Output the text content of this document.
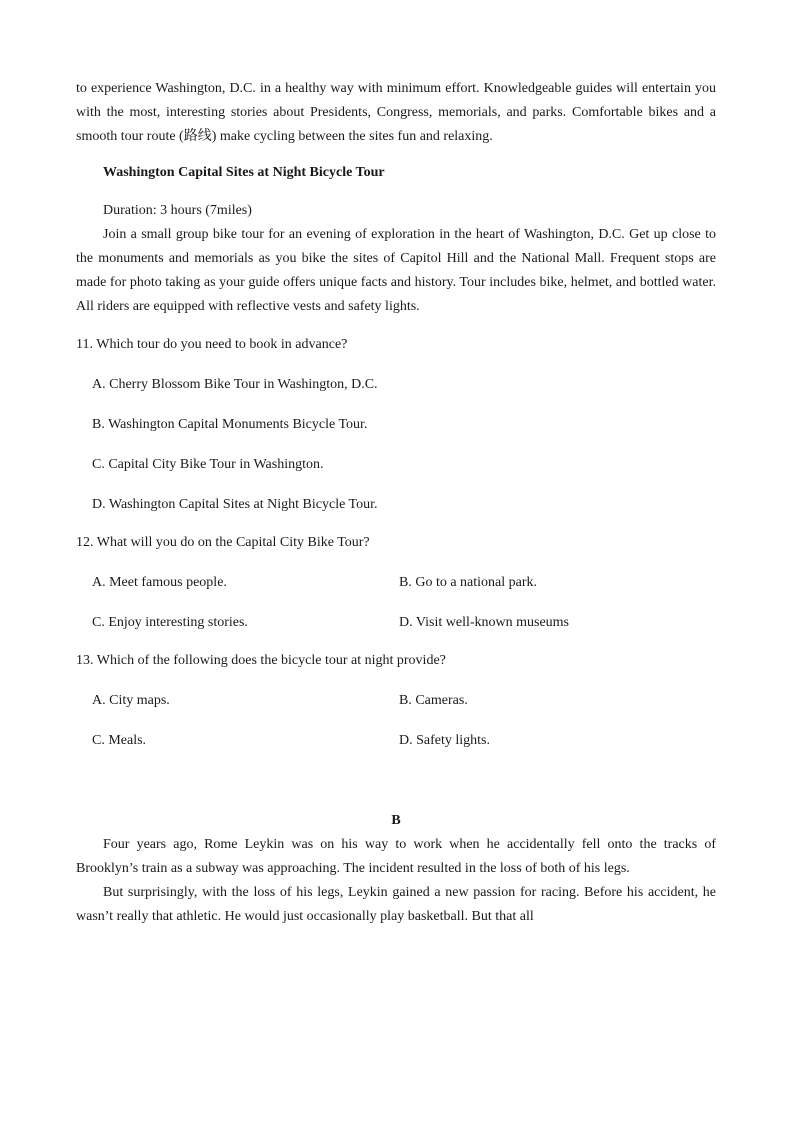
to experience Washington, D.C. in a healthy way with minimum effort. Knowledgeable guides will entertain you with the most, interesting stories about Presidents, Congress, memorials, and parks. Comfortable bikes and a smooth tour route (路线) make cycling between the sites fun and relaxing.

Washington Capital Sites at Night Bicycle Tour
Duration: 3 hours (7miles)

Join a small group bike tour for an evening of exploration in the heart of Washington, D.C. Get up close to the monuments and memorials as you bike the sites of Capitol Hill and the National Mall. Frequent stops are made for photo taking as your guide offers unique facts and history. Tour includes bike, helmet, and bottled water. All riders are equipped with reflective vests and safety lights.

11. Which tour do you need to book in advance?
A. Cherry Blossom Bike Tour in Washington, D.C.
B. Washington Capital Monuments Bicycle Tour.
C. Capital City Bike Tour in Washington.
D. Washington Capital Sites at Night Bicycle Tour.
12. What will you do on the Capital City Bike Tour?
A. Meet famous people.	B. Go to a national park.
C. Enjoy interesting stories.	D. Visit well-known museums
13. Which of the following does the bicycle tour at night provide?
A. City maps.	B. Cameras.
C. Meals.	D. Safety lights.
B

Four years ago, Rome Leykin was on his way to work when he accidentally fell onto the tracks of Brooklyn’s train as a subway was approaching. The incident resulted in the loss of both of his legs.

But surprisingly, with the loss of his legs, Leykin gained a new passion for racing. Before his accident, he wasn’t really that athletic. He would just occasionally play basketball. But that all
